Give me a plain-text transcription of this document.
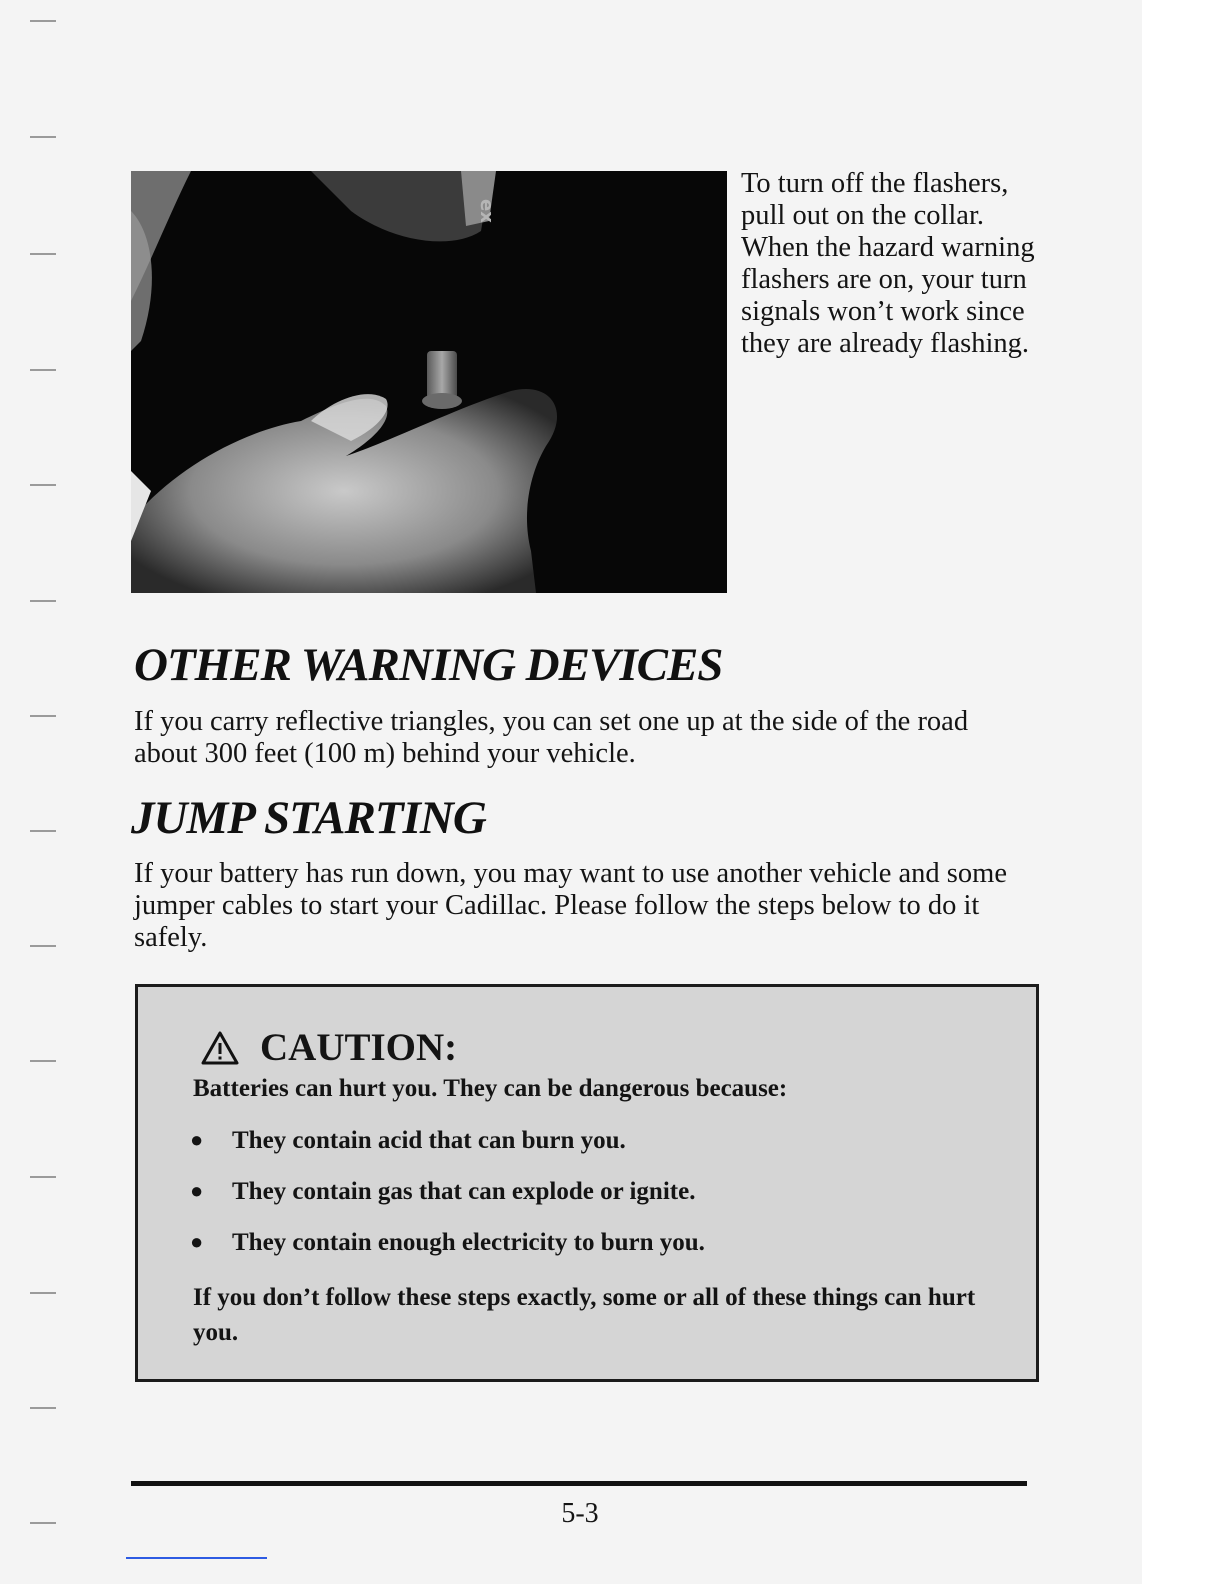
ex

To turn off the flashers, pull out on the collar. When the hazard warning flashers are on, your turn signals won’t work since they are already flashing.

OTHER WARNING DEVICES

If you carry reflective triangles, you can set one up at the side of the road about 300 feet (100 m) behind your vehicle.

JUMP STARTING

If your battery has run down, you may want to use another vehicle and some jumper cables to start your Cadillac. Please follow the steps below to do it safely.

CAUTION:

Batteries can hurt you. They can be dangerous because:

●	They contain acid that can burn you.
●	They contain gas that can explode or ignite.
●	They contain enough electricity to burn you.

If you don’t follow these steps exactly, some or all of these things can hurt you.

5-3
